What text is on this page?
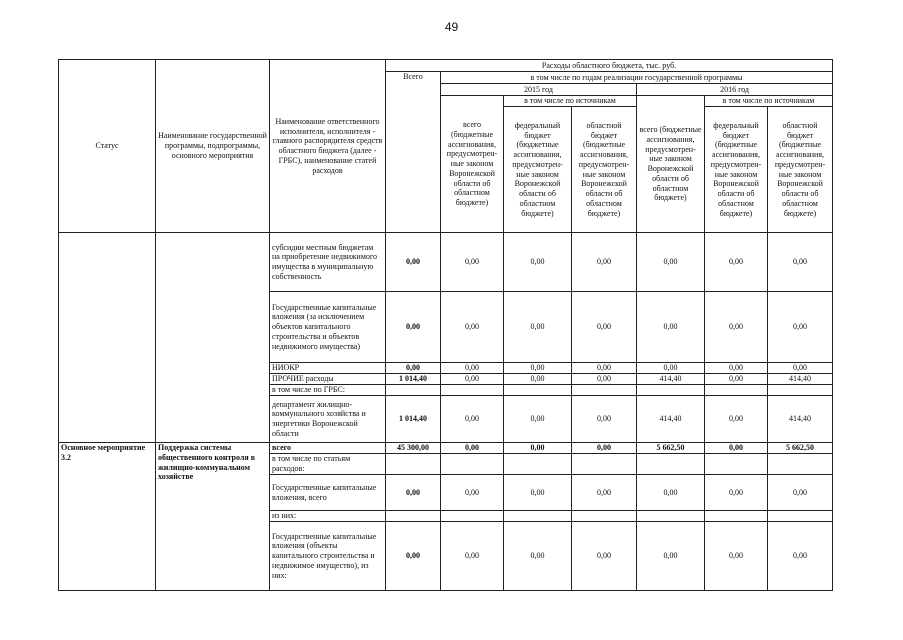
49
Статус	Наименование государственной программы, подпрограммы, основного мероприятия	Наименование ответственного исполнителя, исполнителя - главного распорядителя средств областного бюджета (далее - ГРБС), наименование статей расходов	Расходы областного бюджета, тыс. руб.						
			Всего	в том числе по годам реализации государственной программы					
				2015 год			2016 год		
				всего (бюджетные ассигнования, предусмотрен-ные законом Воронежской области об областном бюджете)	в том числе по источникам		всего (бюджетные ассигнования, предусмотрен-ные законом Воронежской области об областном бюджете)	в том числе по источникам	
					федеральный бюджет (бюджетные ассигнования, предусмотрен-ные законом Воронежской области об областном бюджете)	областной бюджет (бюджетные ассигнования, предусмотрен-ные законом Воронежской области об областном бюджете)		федеральный бюджет (бюджетные ассигнования, предусмотрен-ные законом Воронежской области об областном бюджете)	областной бюджет (бюджетные ассигнования, предусмотрен-ные законом Воронежской области об областном бюджете)
		субсидии местным бюджетам на приобретение недвижимого имущества в муниципальную собственность	0,00	0,00	0,00	0,00	0,00	0,00	0,00
		Государственные капитальные вложения (за исключением объектов капитального строительства и объектов недвижимого имущества)	0,00	0,00	0,00	0,00	0,00	0,00	0,00
		НИОКР	0,00	0,00	0,00	0,00	0,00	0,00	0,00
		ПРОЧИЕ расходы	1 014,40	0,00	0,00	0,00	414,40	0,00	414,40
		в том числе по ГРБС:							
		департамент жилищно-коммунального хозяйства и энергетики Воронежской области	1 014,40	0,00	0,00	0,00	414,40	0,00	414,40
Основное мероприятие 3.2	Поддержка системы общественного контроля в жилищно-коммунальном хозяйстве	всего	45 300,00	0,00	0,00	0,00	5 662,50	0,00	5 662,50
		в том числе по статьям расходов:							
		Государственные капитальные вложения, всего	0,00	0,00	0,00	0,00	0,00	0,00	0,00
		из них:							
		Государственные капитальные вложения (объекты капитального строительства и недвижимое имущество), из них:	0,00	0,00	0,00	0,00	0,00	0,00	0,00
